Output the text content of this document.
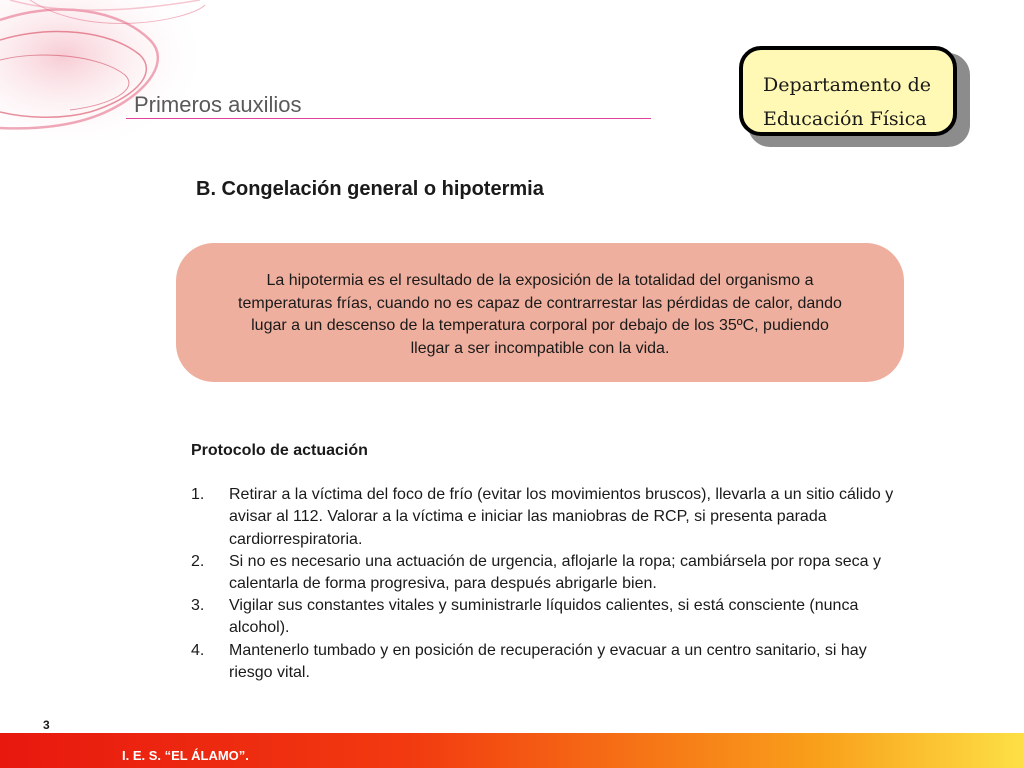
Primeros auxilios
Departamento de
Educación Física
B. Congelación general o hipotermia
La hipotermia es el resultado de la exposición de la totalidad del organismo a temperaturas frías, cuando no es capaz de contrarrestar las pérdidas de calor, dando lugar a un descenso de la temperatura corporal por debajo de los 35ºC, pudiendo llegar a ser incompatible con la vida.
Protocolo de actuación
1. Retirar a la víctima del foco de frío (evitar los movimientos bruscos), llevarla a un sitio cálido y avisar al 112. Valorar a la víctima e iniciar las maniobras de RCP, si presenta parada cardiorrespiratoria.
2. Si no es necesario una actuación de urgencia, aflojarle la ropa; cambiársela por ropa seca y calentarla de forma progresiva, para después abrigarle bien.
3. Vigilar sus constantes vitales y suministrarle líquidos calientes, si está consciente (nunca alcohol).
4. Mantenerlo tumbado y en posición de recuperación y evacuar a un centro sanitario, si hay riesgo vital.
3
I. E. S. “EL ÁLAMO”.
